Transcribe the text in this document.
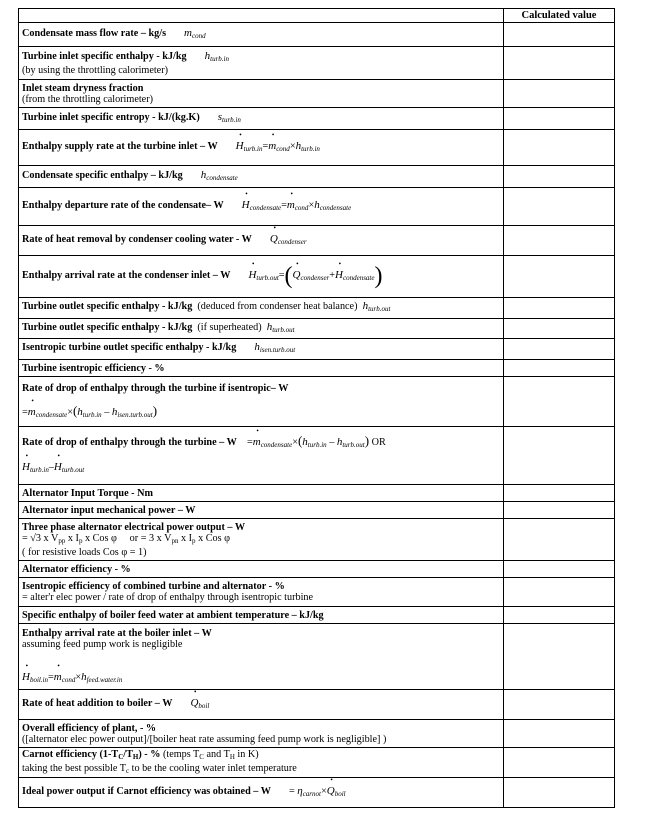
	Calculated value
Condensate mass flow rate – kg/s • mcond	
Turbine inlet specific enthalpy - kJ/kg hturb.in
(by using the throttling calorimeter)	
Inlet steam dryness fraction
(from the throttling calorimeter)	
Turbine inlet specific entropy - kJ/(kg.K) sturb.in	
Enthalpy supply rate at the turbine inlet – W • Hturb.in=• mcond×hturb.in	
Condensate specific enthalpy – kJ/kg hcondensate	
Enthalpy departure rate of the condensate– W • Hcondensate=• mcond×hcondensate	
Rate of heat removal by condenser cooling water - W • Qcondenser	
Enthalpy arrival rate at the condenser inlet – W • Hturb.out=(• Qcondenser+• Hcondensate)	
Turbine outlet specific enthalpy - kJ/kg (deduced from condenser heat balance) hturb.out	
Turbine outlet specific enthalpy - kJ/kg (if superheated) hturb.out	
Isentropic turbine outlet specific enthalpy - kJ/kg hisen.turb.out	
Turbine isentropic efficiency - %	
Rate of drop of enthalpy through the turbine if isentropic– W

=• mcondensate×(hturb.in – hisen.turb.out)	
Rate of drop of enthalpy through the turbine – W =• mcondensate×(hturb.in – hturb.out) OR

• Hturb.in–• Hturb.out	
Alternator Input Torque - Nm	
Alternator input mechanical power – W	
Three phase alternator electrical power output – W
= √3 x $V_{pp}$ x $I_p$ x Cos φ or = 3 x $V_{pn}$ x $I_p$ x Cos φ
( for resistive loads Cos φ = 1)	
Alternator efficiency - %	
Isentropic efficiency of combined turbine and alternator - %
= alter'r elec power / rate of drop of enthalpy through isentropic turbine	
Specific enthalpy of boiler feed water at ambient temperature – kJ/kg	
Enthalpy arrival rate at the boiler inlet – W
assuming feed pump work is negligible

• Hboil.in=• mcond×hfeed.water.in	
Rate of heat addition to boiler – W • Qboil	
Overall efficiency of plant, - %
([alternator elec power output]/[boiler heat rate assuming feed pump work is negligible] )	
Carnot efficiency $(1-T_C/T_H)$ - % (temps $T_C$ and $T_H$ in K)
taking the best possible $T_c$ to be the cooling water inlet temperature	
Ideal power output if Carnot efficiency was obtained – W = ηcarnot×• Qboil	
